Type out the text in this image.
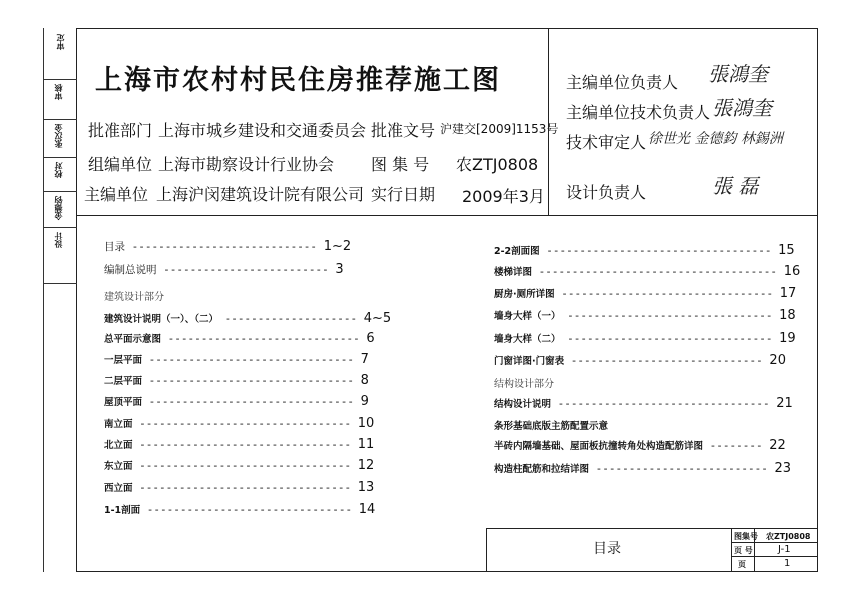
审定
审核
张汉金
校对
金德钧
设计
上海市农村村民住房推荐施工图
批准部门 上海市城乡建设和交通委员会 批准文号 沪建交[2009]1153号
组编单位 上海市勘察设计行业协会 图 集 号 农ZTJ0808
主编单位 上海沪闵建筑设计院有限公司 实行日期 2009年3月
主编单位负责人 張鴻奎
主编单位技术负责人 張鴻奎
技术审定人 徐世光 金德鈞 林錫洲
设计负责人	張 磊
目录 ---------------------------- 1~2
编制总说明 ------------------------- 3
建筑设计部分
建筑设计说明（一）、（二） -------------------- 4~5
总平面示意图 ----------------------------- 6
一层平面 ------------------------------- 7
二层平面 ------------------------------- 8
屋顶平面 ------------------------------- 9
南立面 -------------------------------- 10
北立面 -------------------------------- 11
东立面 -------------------------------- 12
西立面 -------------------------------- 13
1-1剖面 ------------------------------- 14
2-2剖面图 ---------------------------------- 15
楼梯详图 ------------------------------------ 16
厨房·厕所详图 -------------------------------- 17
墙身大样（一） ------------------------------- 18
墙身大样（二） ------------------------------- 19
门窗详图·门窗表 ----------------------------- 20
结构设计部分
结构设计说明 -------------------------------- 21
条形基础底版主筋配置示意
半砖内隔墙基础、屋面板抗撞转角处构造配筋详图 -------- 22
构造柱配筋和拉结详图 -------------------------- 23
目录
图集号 农ZTJ0808
页 号	J-1
页	1
